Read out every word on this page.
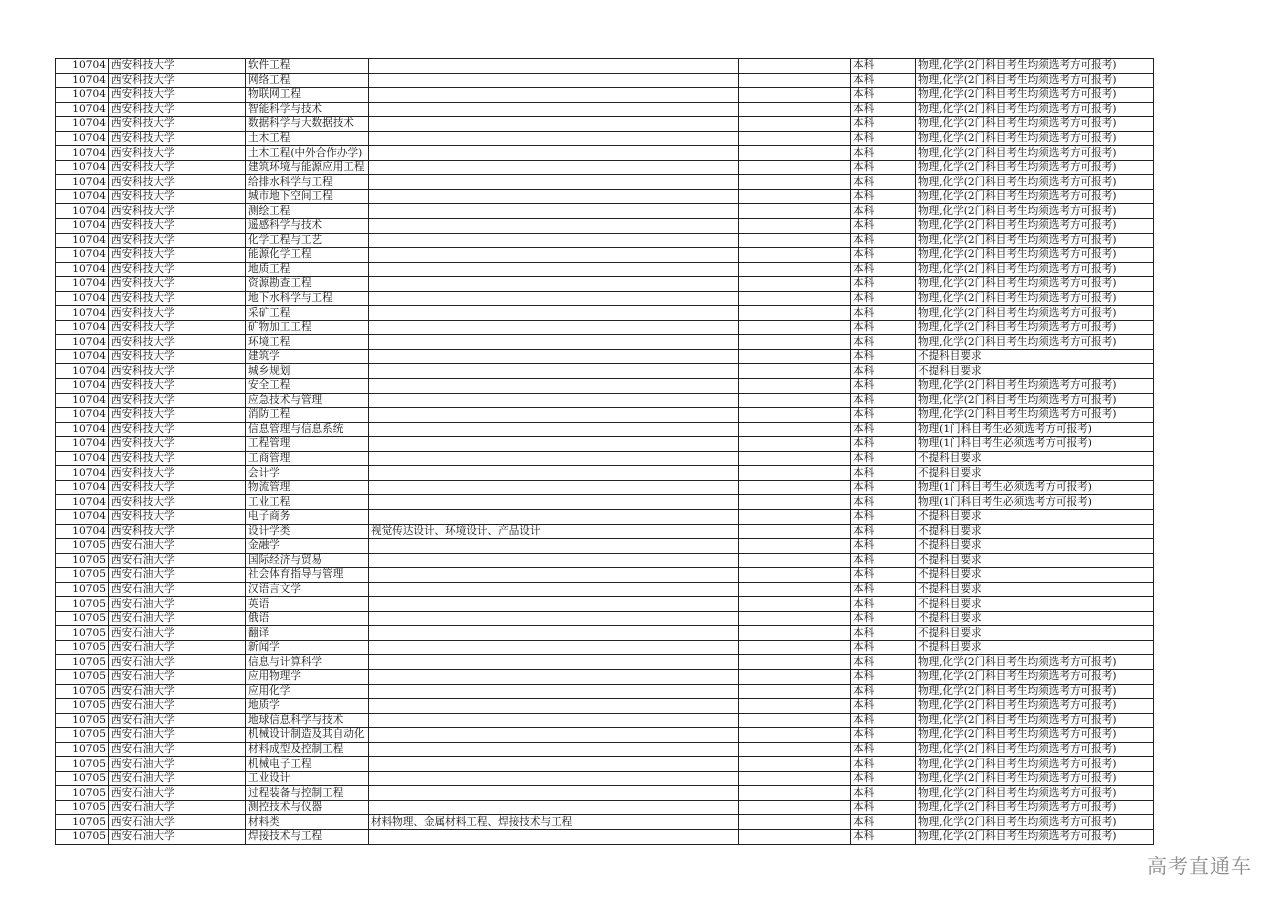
10704	西安科技大学	软件工程			本科	物理,化学(2门科目考生均须选考方可报考)
10704	西安科技大学	网络工程			本科	物理,化学(2门科目考生均须选考方可报考)
10704	西安科技大学	物联网工程			本科	物理,化学(2门科目考生均须选考方可报考)
10704	西安科技大学	智能科学与技术			本科	物理,化学(2门科目考生均须选考方可报考)
10704	西安科技大学	数据科学与大数据技术			本科	物理,化学(2门科目考生均须选考方可报考)
10704	西安科技大学	土木工程			本科	物理,化学(2门科目考生均须选考方可报考)
10704	西安科技大学	土木工程(中外合作办学)			本科	物理,化学(2门科目考生均须选考方可报考)
10704	西安科技大学	建筑环境与能源应用工程			本科	物理,化学(2门科目考生均须选考方可报考)
10704	西安科技大学	给排水科学与工程			本科	物理,化学(2门科目考生均须选考方可报考)
10704	西安科技大学	城市地下空间工程			本科	物理,化学(2门科目考生均须选考方可报考)
10704	西安科技大学	测绘工程			本科	物理,化学(2门科目考生均须选考方可报考)
10704	西安科技大学	遥感科学与技术			本科	物理,化学(2门科目考生均须选考方可报考)
10704	西安科技大学	化学工程与工艺			本科	物理,化学(2门科目考生均须选考方可报考)
10704	西安科技大学	能源化学工程			本科	物理,化学(2门科目考生均须选考方可报考)
10704	西安科技大学	地质工程			本科	物理,化学(2门科目考生均须选考方可报考)
10704	西安科技大学	资源勘查工程			本科	物理,化学(2门科目考生均须选考方可报考)
10704	西安科技大学	地下水科学与工程			本科	物理,化学(2门科目考生均须选考方可报考)
10704	西安科技大学	采矿工程			本科	物理,化学(2门科目考生均须选考方可报考)
10704	西安科技大学	矿物加工工程			本科	物理,化学(2门科目考生均须选考方可报考)
10704	西安科技大学	环境工程			本科	物理,化学(2门科目考生均须选考方可报考)
10704	西安科技大学	建筑学			本科	不提科目要求
10704	西安科技大学	城乡规划			本科	不提科目要求
10704	西安科技大学	安全工程			本科	物理,化学(2门科目考生均须选考方可报考)
10704	西安科技大学	应急技术与管理			本科	物理,化学(2门科目考生均须选考方可报考)
10704	西安科技大学	消防工程			本科	物理,化学(2门科目考生均须选考方可报考)
10704	西安科技大学	信息管理与信息系统			本科	物理(1门科目考生必须选考方可报考)
10704	西安科技大学	工程管理			本科	物理(1门科目考生必须选考方可报考)
10704	西安科技大学	工商管理			本科	不提科目要求
10704	西安科技大学	会计学			本科	不提科目要求
10704	西安科技大学	物流管理			本科	物理(1门科目考生必须选考方可报考)
10704	西安科技大学	工业工程			本科	物理(1门科目考生必须选考方可报考)
10704	西安科技大学	电子商务			本科	不提科目要求
10704	西安科技大学	设计学类	视觉传达设计、环境设计、产品设计		本科	不提科目要求
10705	西安石油大学	金融学			本科	不提科目要求
10705	西安石油大学	国际经济与贸易			本科	不提科目要求
10705	西安石油大学	社会体育指导与管理			本科	不提科目要求
10705	西安石油大学	汉语言文学			本科	不提科目要求
10705	西安石油大学	英语			本科	不提科目要求
10705	西安石油大学	俄语			本科	不提科目要求
10705	西安石油大学	翻译			本科	不提科目要求
10705	西安石油大学	新闻学			本科	不提科目要求
10705	西安石油大学	信息与计算科学			本科	物理,化学(2门科目考生均须选考方可报考)
10705	西安石油大学	应用物理学			本科	物理,化学(2门科目考生均须选考方可报考)
10705	西安石油大学	应用化学			本科	物理,化学(2门科目考生均须选考方可报考)
10705	西安石油大学	地质学			本科	物理,化学(2门科目考生均须选考方可报考)
10705	西安石油大学	地球信息科学与技术			本科	物理,化学(2门科目考生均须选考方可报考)
10705	西安石油大学	机械设计制造及其自动化			本科	物理,化学(2门科目考生均须选考方可报考)
10705	西安石油大学	材料成型及控制工程			本科	物理,化学(2门科目考生均须选考方可报考)
10705	西安石油大学	机械电子工程			本科	物理,化学(2门科目考生均须选考方可报考)
10705	西安石油大学	工业设计			本科	物理,化学(2门科目考生均须选考方可报考)
10705	西安石油大学	过程装备与控制工程			本科	物理,化学(2门科目考生均须选考方可报考)
10705	西安石油大学	测控技术与仪器			本科	物理,化学(2门科目考生均须选考方可报考)
10705	西安石油大学	材料类	材料物理、金属材料工程、焊接技术与工程		本科	物理,化学(2门科目考生均须选考方可报考)
10705	西安石油大学	焊接技术与工程			本科	物理,化学(2门科目考生均须选考方可报考)
高考直通车
